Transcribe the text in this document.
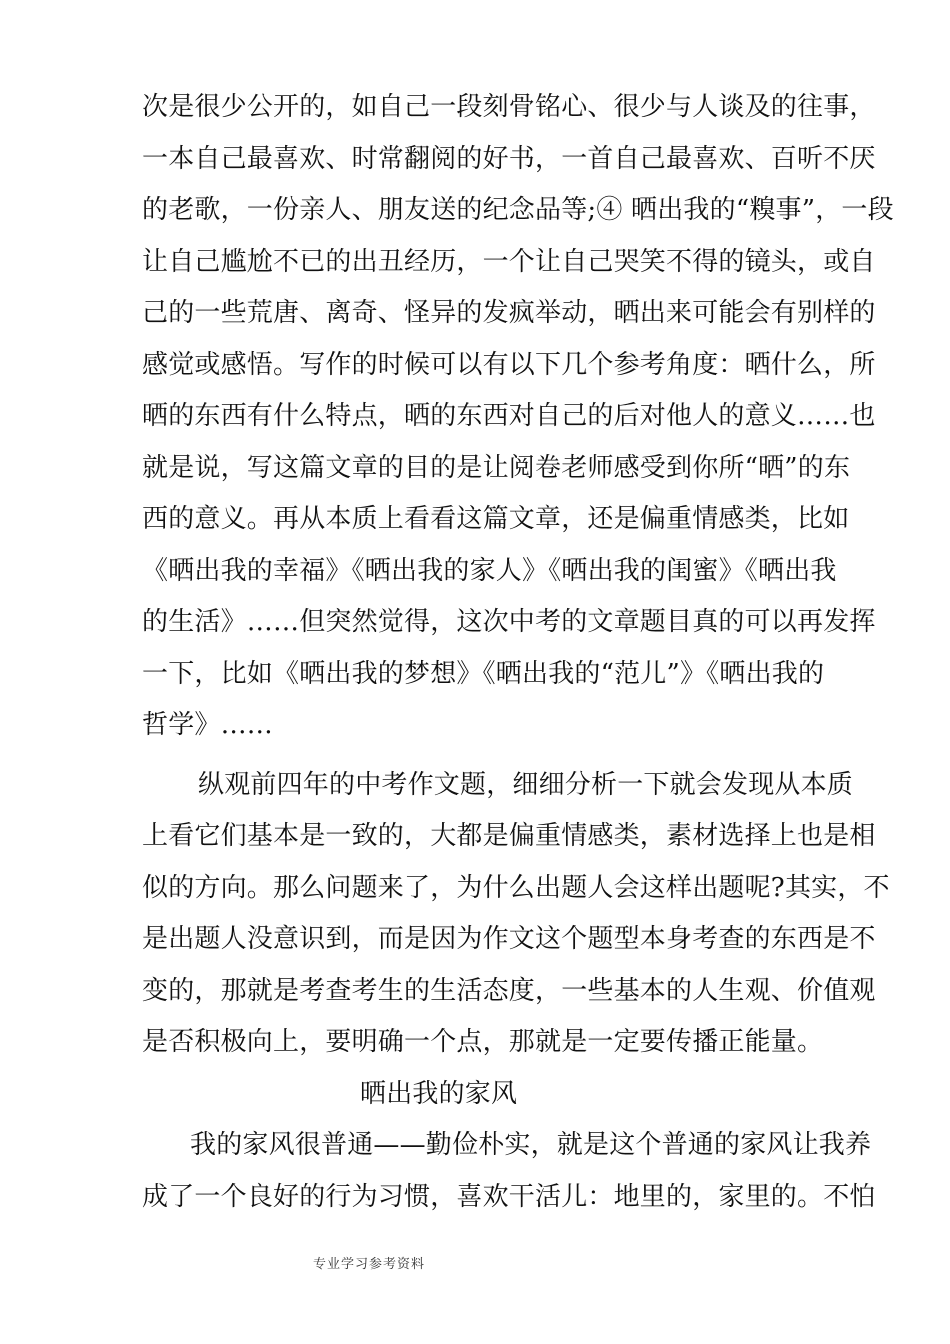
次是很少公开的，如自己一段刻骨铭心、很少与人谈及的往事，
一本自己最喜欢、时常翻阅的好书，一首自己最喜欢、百听不厌
的老歌，一份亲人、朋友送的纪念品等;④ 晒出我的“糗事”，一段
让自己尴尬不已的出丑经历，一个让自己哭笑不得的镜头，或自
己的一些荒唐、离奇、怪异的发疯举动，晒出来可能会有别样的
感觉或感悟。写作的时候可以有以下几个参考角度：晒什么，所
晒的东西有什么特点，晒的东西对自己的后对他人的意义……也
就是说，写这篇文章的目的是让阅卷老师感受到你所“晒”的东
西的意义。再从本质上看看这篇文章，还是偏重情感类，比如
《晒出我的幸福》《晒出我的家人》《晒出我的闺蜜》《晒出我
的生活》……但突然觉得，这次中考的文章题目真的可以再发挥
一下，比如《晒出我的梦想》《晒出我的“范儿”》《晒出我的
哲学》……
纵观前四年的中考作文题，细细分析一下就会发现从本质
上看它们基本是一致的，大都是偏重情感类，素材选择上也是相
似的方向。那么问题来了，为什么出题人会这样出题呢?其实，不
是出题人没意识到，而是因为作文这个题型本身考查的东西是不
变的，那就是考查考生的生活态度，一些基本的人生观、价值观
是否积极向上，要明确一个点，那就是一定要传播正能量。
晒出我的家风
我的家风很普通——勤俭朴实，就是这个普通的家风让我养
成了一个良好的行为习惯，喜欢干活儿：地里的，家里的。不怕
专业学习参考资料
